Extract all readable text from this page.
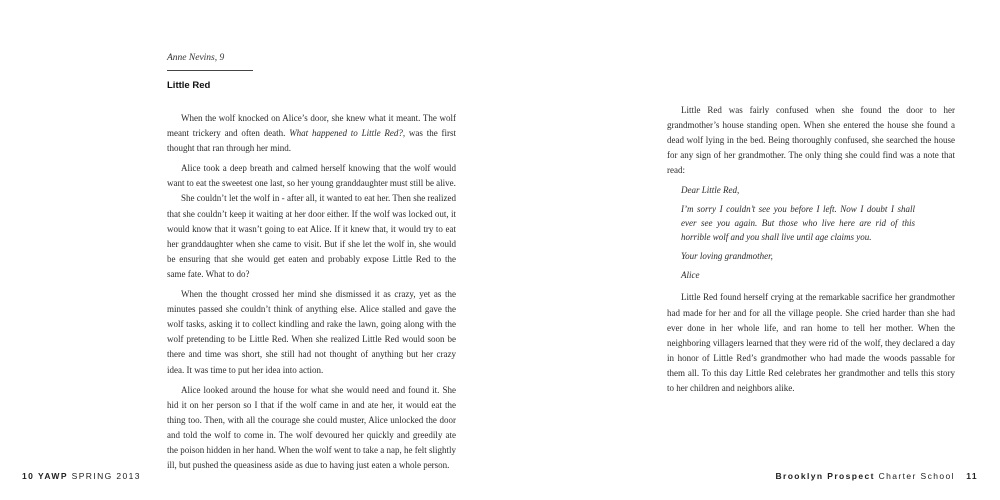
Anne Nevins, 9
Little Red

When the wolf knocked on Alice’s door, she knew what it meant. The wolf meant trickery and often death. What happened to Little Red?, was the first thought that ran through her mind.

Alice took a deep breath and calmed herself knowing that the wolf would want to eat the sweetest one last, so her young granddaughter must still be alive.

She couldn’t let the wolf in - after all, it wanted to eat her. Then she realized that she couldn’t keep it waiting at her door either. If the wolf was locked out, it would know that it wasn’t going to eat Alice. If it knew that, it would try to eat her granddaughter when she came to visit. But if she let the wolf in, she would be ensuring that she would get eaten and probably expose Little Red to the same fate. What to do?

When the thought crossed her mind she dismissed it as crazy, yet as the minutes passed she couldn’t think of anything else. Alice stalled and gave the wolf tasks, asking it to collect kindling and rake the lawn, going along with the wolf pretending to be Little Red. When she realized Little Red would soon be there and time was short, she still had not thought of anything but her crazy idea. It was time to put her idea into action.

Alice looked around the house for what she would need and found it. She hid it on her person so I that if the wolf came in and ate her, it would eat the thing too. Then, with all the courage she could muster, Alice unlocked the door and told the wolf to come in. The wolf devoured her quickly and greedily ate the poison hidden in her hand. When the wolf went to take a nap, he felt slightly ill, but pushed the queasiness aside as due to having just eaten a whole person.

10 YAWP SPRING 2013

Little Red was fairly confused when she found the door to her grandmother’s house standing open. When she entered the house she found a dead wolf lying in the bed. Being thoroughly confused, she searched the house for any sign of her grandmother. The only thing she could find was a note that read:

Dear Little Red,
I’m sorry I couldn’t see you before I left. Now I doubt I shall ever see you again. But those who live here are rid of this horrible wolf and you shall live until age claims you.
Your loving grandmother,
Alice

Little Red found herself crying at the remarkable sacrifice her grandmother had made for her and for all the village people. She cried harder than she had ever done in her whole life, and ran home to tell her mother. When the neighboring villagers learned that they were rid of the wolf, they declared a day in honor of Little Red’s grandmother who had made the woods passable for them all. To this day Little Red celebrates her grandmother and tells this story to her children and neighbors alike.

Brooklyn Prospect Charter School 11
